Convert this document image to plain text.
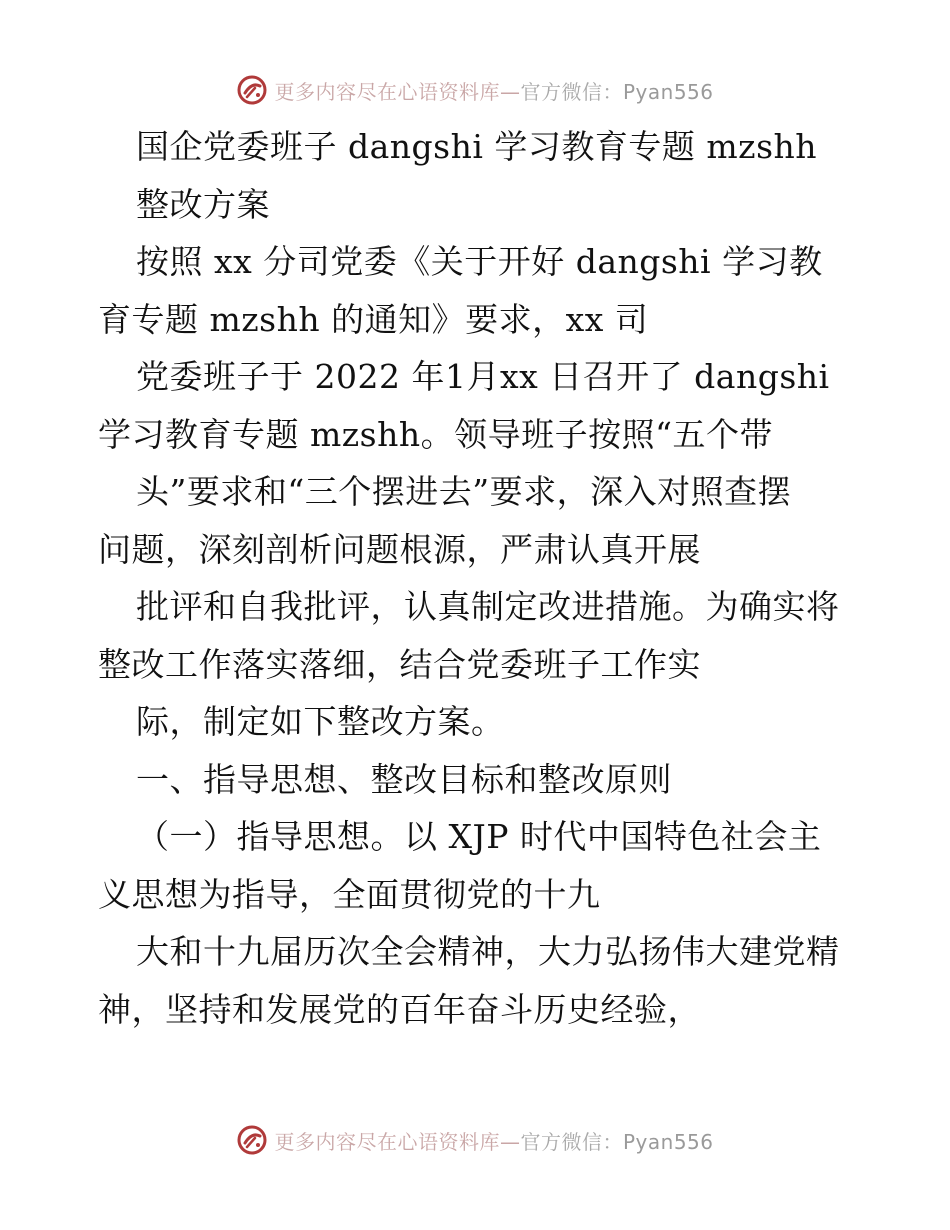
更多内容尽在心语资料库—官方微信：Pyan556
国企党委班子 dangshi 学习教育专题 mzshh
整改方案
按照 xx 分司党委《关于开好 dangshi 学习教
育专题 mzshh 的通知》要求，xx 司
党委班子于 2022 年1月xx 日召开了 dangshi
学习教育专题 mzshh。领导班子按照“五个带
头”要求和“三个摆进去”要求，深入对照查摆
问题，深刻剖析问题根源，严肃认真开展
批评和自我批评，认真制定改进措施。为确实将
整改工作落实落细，结合党委班子工作实
际，制定如下整改方案。
一、指导思想、整改目标和整改原则
（一）指导思想。以 XJP 时代中国特色社会主
义思想为指导，全面贯彻党的十九
大和十九届历次全会精神，大力弘扬伟大建党精
神，坚持和发展党的百年奋斗历史经验，
更多内容尽在心语资料库—官方微信：Pyan556
